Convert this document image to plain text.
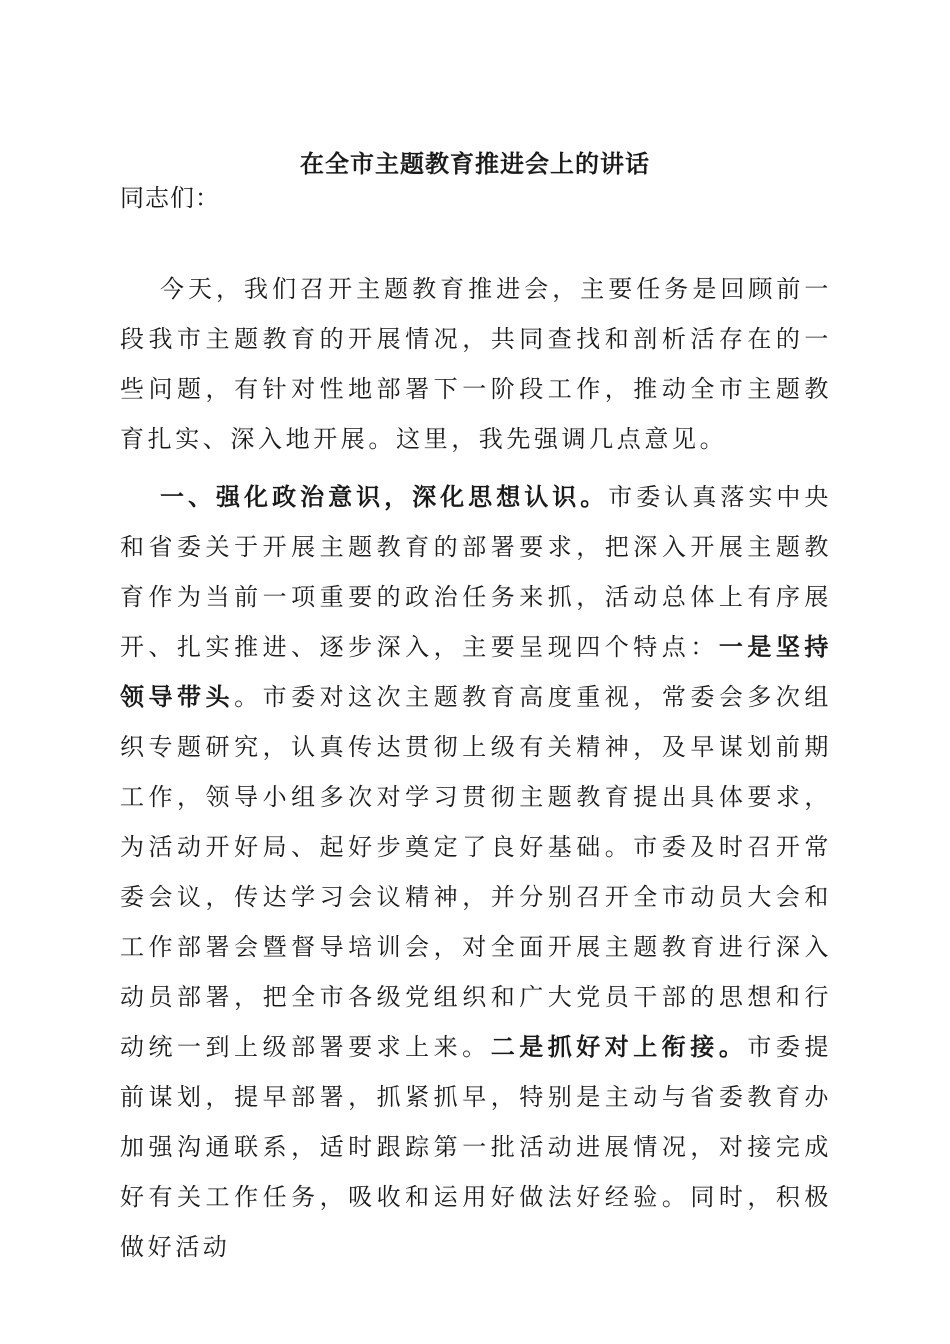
在全市主题教育推进会上的讲话

同志们：

今天，我们召开主题教育推进会，主要任务是回顾前一段我市主题教育的开展情况，共同查找和剖析活存在的一些问题，有针对性地部署下一阶段工作，推动全市主题教育扎实、深入地开展。这里，我先强调几点意见。

一、强化政治意识，深化思想认识。市委认真落实中央和省委关于开展主题教育的部署要求，把深入开展主题教育作为当前一项重要的政治任务来抓，活动总体上有序展开、扎实推进、逐步深入，主要呈现四个特点：一是坚持领导带头。市委对这次主题教育高度重视，常委会多次组织专题研究，认真传达贯彻上级有关精神，及早谋划前期工作，领导小组多次对学习贯彻主题教育提出具体要求，为活动开好局、起好步奠定了良好基础。市委及时召开常委会议，传达学习会议精神，并分别召开全市动员大会和工作部署会暨督导培训会，对全面开展主题教育进行深入动员部署，把全市各级党组织和广大党员干部的思想和行动统一到上级部署要求上来。二是抓好对上衔接。市委提前谋划，提早部署，抓紧抓早，特别是主动与省委教育办加强沟通联系，适时跟踪第一批活动进展情况，对接完成好有关工作任务，吸收和运用好做法好经验。同时，积极做好活动
